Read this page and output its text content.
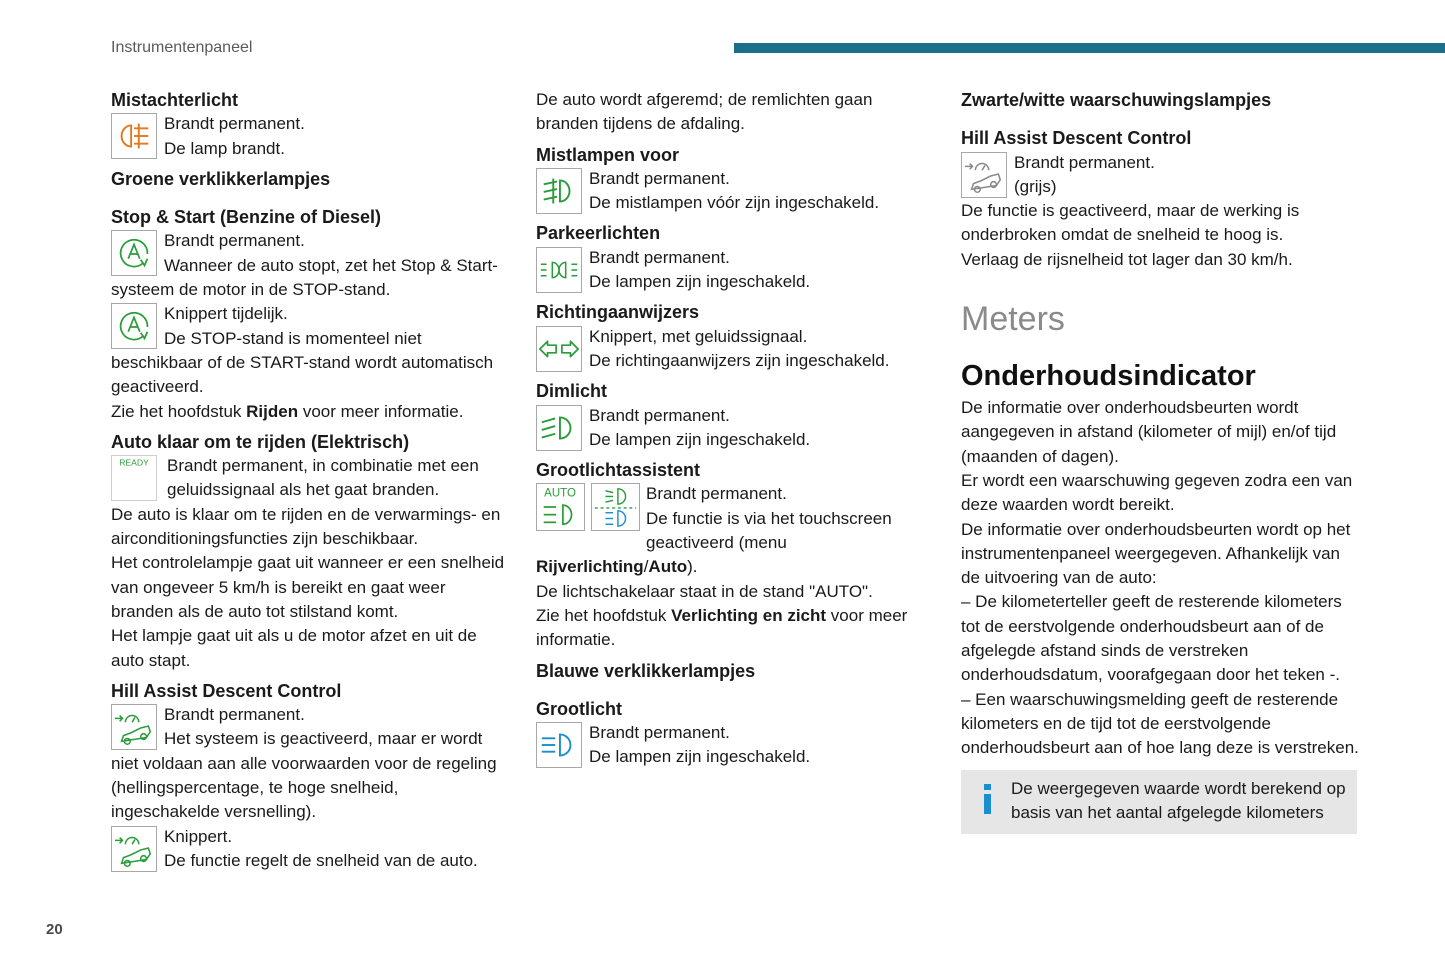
Instrumentenpaneel
20
Mistachterlicht

Brandt permanent.

De lamp brandt.

Groene verklikkerlampjes
Stop & Start (Benzine of Diesel)

Brandt permanent.

Wanneer de auto stopt, zet het Stop & Start-systeem de motor in de STOP-stand.

Knippert tijdelijk.

De STOP-stand is momenteel niet beschikbaar of de START-stand wordt automatisch geactiveerd.

Zie het hoofdstuk Rijden voor meer informatie.

Auto klaar om te rijden (Elektrisch)
READY	Brandt permanent, in combinatie met een geluidssignaal als het gaat branden.

De auto is klaar om te rijden en de verwarmings- en airconditioningsfuncties zijn beschikbaar.

Het controlelampje gaat uit wanneer er een snelheid van ongeveer 5 km/h is bereikt en gaat weer branden als de auto tot stilstand komt.

Het lampje gaat uit als u de motor afzet en uit de auto stapt.

Hill Assist Descent Control

Brandt permanent.

Het systeem is geactiveerd, maar er wordt niet voldaan aan alle voorwaarden voor de regeling (hellingspercentage, te hoge snelheid, ingeschakelde versnelling).

Knippert.

De functie regelt de snelheid van de auto.

De auto wordt afgeremd; de remlichten gaan branden tijdens de afdaling.

Mistlampen voor

Brandt permanent.

De mistlampen vóór zijn ingeschakeld.

Parkeerlichten

Brandt permanent.

De lampen zijn ingeschakeld.

Richtingaanwijzers

Knippert, met geluidssignaal.

De richtingaanwijzers zijn ingeschakeld.

Dimlicht

Brandt permanent.

De lampen zijn ingeschakeld.

Grootlichtassistent
AUTO	Brandt permanent.

De functie is via het touchscreen geactiveerd (menu Rijverlichting/Auto).

De lichtschakelaar staat in de stand "AUTO".

Zie het hoofdstuk Verlichting en zicht voor meer informatie.

Blauwe verklikkerlampjes
Grootlicht

Brandt permanent.

De lampen zijn ingeschakeld.

Zwarte/witte waarschuwingslampjes
Hill Assist Descent Control

Brandt permanent.

(grijs)

De functie is geactiveerd, maar de werking is onderbroken omdat de snelheid te hoog is.

Verlaag de rijsnelheid tot lager dan 30 km/h.

Meters
Onderhoudsindicator

De informatie over onderhoudsbeurten wordt aangegeven in afstand (kilometer of mijl) en/of tijd (maanden of dagen).

Er wordt een waarschuwing gegeven zodra een van deze waarden wordt bereikt.

De informatie over onderhoudsbeurten wordt op het instrumentenpaneel weergegeven. Afhankelijk van de uitvoering van de auto:

– De kilometerteller geeft de resterende kilometers tot de eerstvolgende onderhoudsbeurt aan of de afgelegde afstand sinds de verstreken onderhoudsdatum, voorafgegaan door het teken -.

– Een waarschuwingsmelding geeft de resterende kilometers en de tijd tot de eerstvolgende onderhoudsbeurt aan of hoe lang deze is verstreken.

De weergegeven waarde wordt berekend op basis van het aantal afgelegde kilometers
